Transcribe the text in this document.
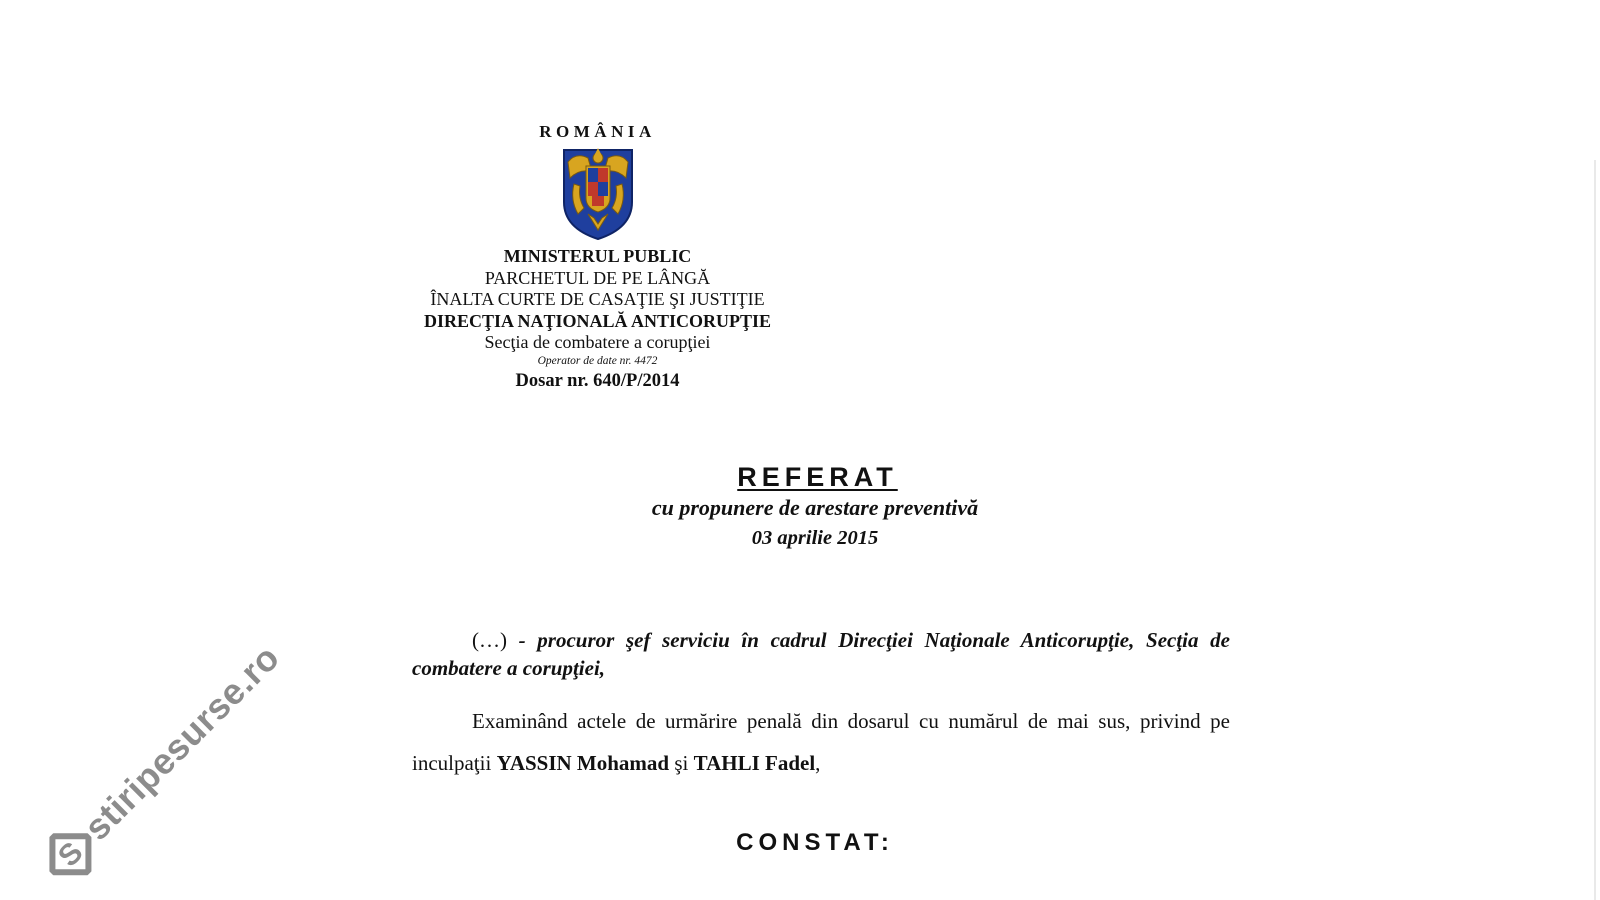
ROMÂNIA
MINISTERUL PUBLIC
PARCHETUL DE PE LÂNGĂ
ÎNALTA CURTE DE CASAŢIE ŞI JUSTIŢIE
DIRECŢIA NAŢIONALĂ ANTICORUPŢIE
Secţia de combatere a corupţiei
Operator de date nr. 4472
Dosar nr. 640/P/2014
REFERAT
cu propunere de arestare preventivă
03 aprilie 2015
(…) - procuror şef serviciu în cadrul Direcţiei Naţionale Anticorupţie, Secţia de combatere a corupţiei,
Examinând actele de urmărire penală din dosarul cu numărul de mai sus, privind pe inculpaţii YASSIN Mohamad şi TAHLI Fadel,
CONSTAT:
S
stiripesurse.ro
